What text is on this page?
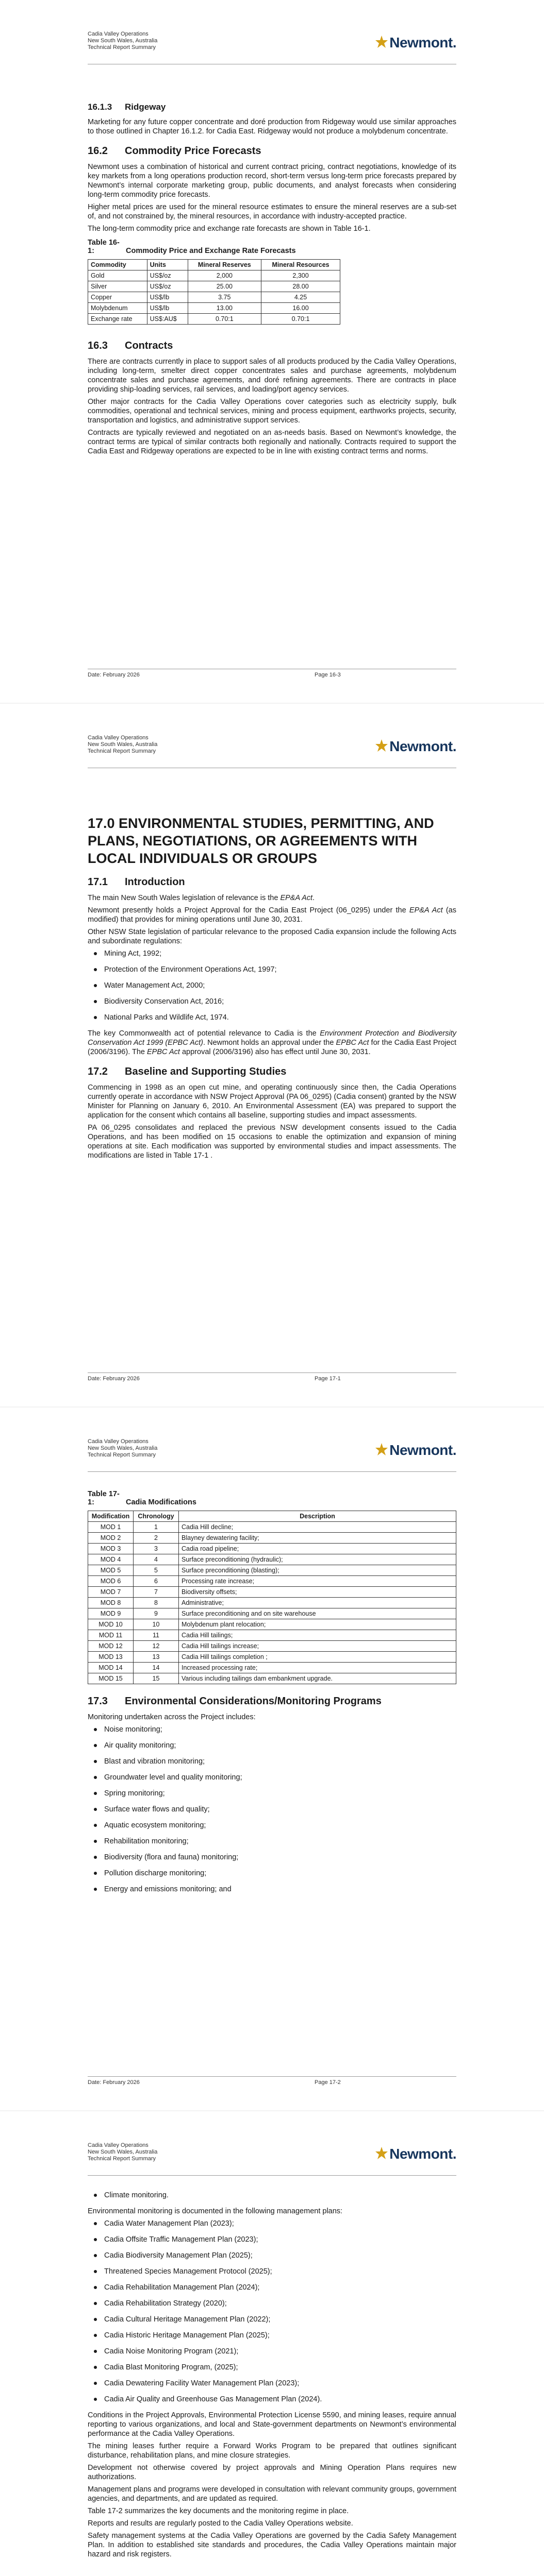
Cadia Valley Operations
New South Wales, Australia
Technical Report Summary	Newmont.
16.1.3 Ridgeway

Marketing for any future copper concentrate and doré production from Ridgeway would use similar approaches to those outlined in Chapter 16.1.2. for Cadia East. Ridgeway would not produce a molybdenum concentrate.

16.2 Commodity Price Forecasts

Newmont uses a combination of historical and current contract pricing, contract negotiations, knowledge of its key markets from a long operations production record, short-term versus long-term price forecasts prepared by Newmont’s internal corporate marketing group, public documents, and analyst forecasts when considering long-term commodity price forecasts.

Higher metal prices are used for the mineral resource estimates to ensure the mineral reserves are a sub-set of, and not constrained by, the mineral resources, in accordance with industry-accepted practice.

The long-term commodity price and exchange rate forecasts are shown in Table 16-1.

Table 16-1:	Commodity Price and Exchange Rate Forecasts
Commodity	Units	Mineral Reserves	Mineral Resources
Gold	US$/oz	2,000	2,300
Silver	US$/oz	25.00	28.00
Copper	US$/lb	3.75	4.25
Molybdenum	US$/lb	13.00	16.00
Exchange rate	US$:AU$	0.70:1	0.70:1
16.3 Contracts

There are contracts currently in place to support sales of all products produced by the Cadia Valley Operations, including long-term, smelter direct copper concentrates sales and purchase agreements, molybdenum concentrate sales and purchase agreements, and doré refining agreements. There are contracts in place providing ship-loading services, rail services, and loading/port agency services.

Other major contracts for the Cadia Valley Operations cover categories such as electricity supply, bulk commodities, operational and technical services, mining and process equipment, earthworks projects, security, transportation and logistics, and administrative support services.

Contracts are typically reviewed and negotiated on an as-needs basis. Based on Newmont’s knowledge, the contract terms are typical of similar contracts both regionally and nationally. Contracts required to support the Cadia East and Ridgeway operations are expected to be in line with existing contract terms and norms.

Date: February 2026	Page 16-3
Cadia Valley Operations
New South Wales, Australia
Technical Report Summary	Newmont.
17.0 ENVIRONMENTAL STUDIES, PERMITTING, AND PLANS, NEGOTIATIONS, OR AGREEMENTS WITH LOCAL INDIVIDUALS OR GROUPS
17.1 Introduction

The main New South Wales legislation of relevance is the EP&A Act.

Newmont presently holds a Project Approval for the Cadia East Project (06_0295) under the EP&A Act (as modified) that provides for mining operations until June 30, 2031.

Other NSW State legislation of particular relevance to the proposed Cadia expansion include the following Acts and subordinate regulations:

Mining Act, 1992;
Protection of the Environment Operations Act, 1997;
Water Management Act, 2000;
Biodiversity Conservation Act, 2016;
National Parks and Wildlife Act, 1974.

The key Commonwealth act of potential relevance to Cadia is the Environment Protection and Biodiversity Conservation Act 1999 (EPBC Act). Newmont holds an approval under the EPBC Act for the Cadia East Project (2006/3196). The EPBC Act approval (2006/3196) also has effect until June 30, 2031.

17.2 Baseline and Supporting Studies

Commencing in 1998 as an open cut mine, and operating continuously since then, the Cadia Operations currently operate in accordance with NSW Project Approval (PA 06_0295) (Cadia consent) granted by the NSW Minister for Planning on January 6, 2010. An Environmental Assessment (EA) was prepared to support the application for the consent which contains all baseline, supporting studies and impact assessments.

PA 06_0295 consolidates and replaced the previous NSW development consents issued to the Cadia Operations, and has been modified on 15 occasions to enable the optimization and expansion of mining operations at site. Each modification was supported by environmental studies and impact assessments. The modifications are listed in Table 17-1 .

Date: February 2026	Page 17-1
Cadia Valley Operations
New South Wales, Australia
Technical Report Summary	Newmont.
Table 17-1:	Cadia Modifications
Modification	Chronology	Description
MOD 1	1	Cadia Hill decline;
MOD 2	2	Blayney dewatering facility;
MOD 3	3	Cadia road pipeline;
MOD 4	4	Surface preconditioning (hydraulic);
MOD 5	5	Surface preconditioning (blasting);
MOD 6	6	Processing rate increase;
MOD 7	7	Biodiversity offsets;
MOD 8	8	Administrative;
MOD 9	9	Surface preconditioning and on site warehouse
MOD 10	10	Molybdenum plant relocation;
MOD 11	11	Cadia Hill tailings;
MOD 12	12	Cadia Hill tailings increase;
MOD 13	13	Cadia Hill tailings completion ;
MOD 14	14	Increased processing rate;
MOD 15	15	Various including tailings dam embankment upgrade.
17.3 Environmental Considerations/Monitoring Programs

Monitoring undertaken across the Project includes:

Noise monitoring;
Air quality monitoring;
Blast and vibration monitoring;
Groundwater level and quality monitoring;
Spring monitoring;
Surface water flows and quality;
Aquatic ecosystem monitoring;
Rehabilitation monitoring;
Biodiversity (flora and fauna) monitoring;
Pollution discharge monitoring;
Energy and emissions monitoring; and
Date: February 2026	Page 17-2
Cadia Valley Operations
New South Wales, Australia
Technical Report Summary	Newmont.
Climate monitoring.

Environmental monitoring is documented in the following management plans:

Cadia Water Management Plan (2023);
Cadia Offsite Traffic Management Plan (2023);
Cadia Biodiversity Management Plan (2025);
Threatened Species Management Protocol (2025);
Cadia Rehabilitation Management Plan (2024);
Cadia Rehabilitation Strategy (2020);
Cadia Cultural Heritage Management Plan (2022);
Cadia Historic Heritage Management Plan (2025);
Cadia Noise Monitoring Program (2021);
Cadia Blast Monitoring Program, (2025);
Cadia Dewatering Facility Water Management Plan (2023);
Cadia Air Quality and Greenhouse Gas Management Plan (2024).

Conditions in the Project Approvals, Environmental Protection License 5590, and mining leases, require annual reporting to various organizations, and local and State-government departments on Newmont’s environmental performance at the Cadia Valley Operations.

The mining leases further require a Forward Works Program to be prepared that outlines significant disturbance, rehabilitation plans, and mine closure strategies.

Development not otherwise covered by project approvals and Mining Operation Plans requires new authorizations.

Management plans and programs were developed in consultation with relevant community groups, government agencies, and departments, and are updated as required.

Table 17-2 summarizes the key documents and the monitoring regime in place.

Reports and results are regularly posted to the Cadia Valley Operations website.

Safety management systems at the Cadia Valley Operations are governed by the Cadia Safety Management Plan. In addition to established site standards and procedures, the Cadia Valley Operations maintain major hazard and risk registers.
